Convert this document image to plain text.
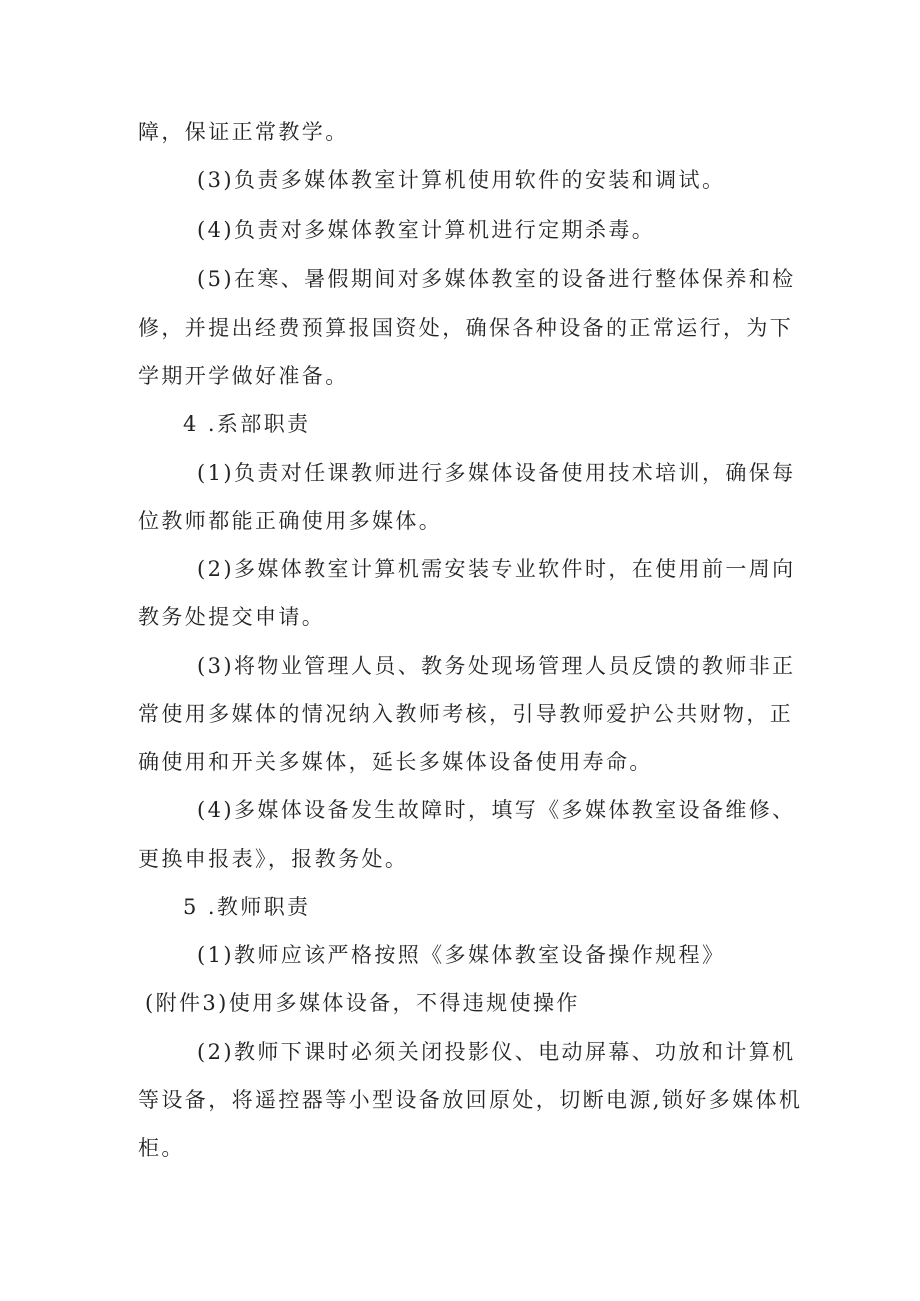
障，保证正常教学。
(3)负责多媒体教室计算机使用软件的安装和调试。
(4)负责对多媒体教室计算机进行定期杀毒。
(5)在寒、暑假期间对多媒体教室的设备进行整体保养和检
修，并提出经费预算报国资处，确保各种设备的正常运行，为下
学期开学做好准备。
4 .系部职责
(1)负责对任课教师进行多媒体设备使用技术培训，确保每
位教师都能正确使用多媒体。
(2)多媒体教室计算机需安装专业软件时，在使用前一周向
教务处提交申请。
(3)将物业管理人员、教务处现场管理人员反馈的教师非正
常使用多媒体的情况纳入教师考核，引导教师爱护公共财物，正
确使用和开关多媒体，延长多媒体设备使用寿命。
(4)多媒体设备发生故障时，填写《多媒体教室设备维修、
更换申报表》，报教务处。
5 .教师职责
(1)教师应该严格按照《多媒体教室设备操作规程》
(附件3)使用多媒体设备，不得违规使操作
(2)教师下课时必须关闭投影仪、电动屏幕、功放和计算机
等设备，将遥控器等小型设备放回原处，切断电源,锁好多媒体机
柜。
